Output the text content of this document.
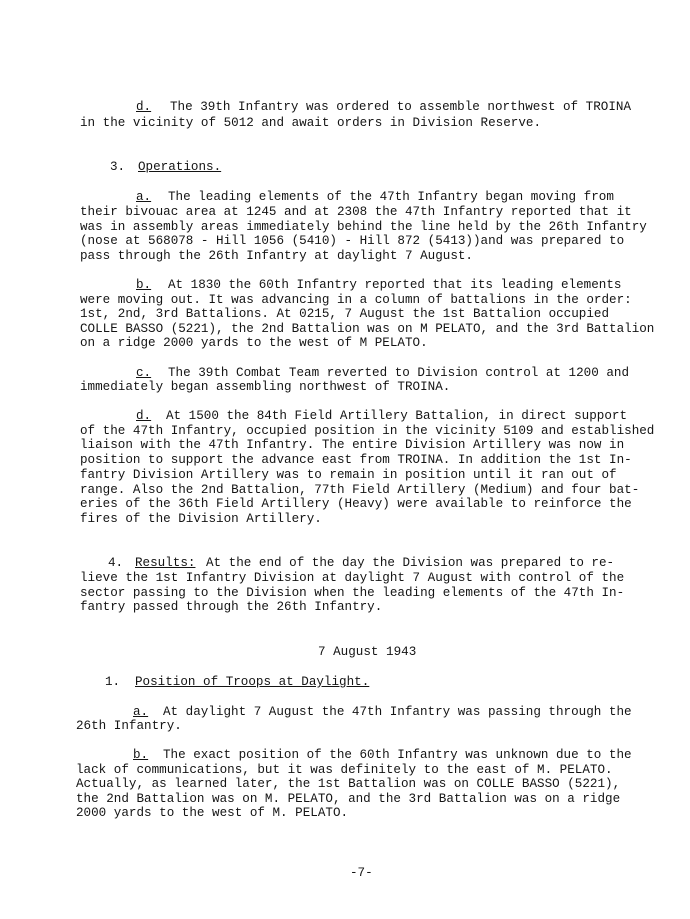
d. The 39th Infantry was ordered to assemble northwest of TROINA
in the vicinity of 5012 and await orders in Division Reserve.
3. Operations.
a. The leading elements of the 47th Infantry began moving from
their bivouac area at 1245 and at 2308 the 47th Infantry reported that it
was in assembly areas immediately behind the line held by the 26th Infantry
(nose at 568078 - Hill 1056 (5410) - Hill 872 (5413))and was prepared to
pass through the 26th Infantry at daylight 7 August.
b. At 1830 the 60th Infantry reported that its leading elements
were moving out. It was advancing in a column of battalions in the order:
1st, 2nd, 3rd Battalions. At 0215, 7 August the 1st Battalion occupied
COLLE BASSO (5221), the 2nd Battalion was on M PELATO, and the 3rd Battalion
on a ridge 2000 yards to the west of M PELATO.
c. The 39th Combat Team reverted to Division control at 1200 and
immediately began assembling northwest of TROINA.
d. At 1500 the 84th Field Artillery Battalion, in direct support
of the 47th Infantry, occupied position in the vicinity 5109 and established
liaison with the 47th Infantry. The entire Division Artillery was now in
position to support the advance east from TROINA. In addition the 1st In-
fantry Division Artillery was to remain in position until it ran out of
range. Also the 2nd Battalion, 77th Field Artillery (Medium) and four bat-
eries of the 36th Field Artillery (Heavy) were available to reinforce the
fires of the Division Artillery.
4. Results: At the end of the day the Division was prepared to re-
lieve the 1st Infantry Division at daylight 7 August with control of the
sector passing to the Division when the leading elements of the 47th In-
fantry passed through the 26th Infantry.
7 August 1943
1. Position of Troops at Daylight.
a. At daylight 7 August the 47th Infantry was passing through the
26th Infantry.
b. The exact position of the 60th Infantry was unknown due to the
lack of communications, but it was definitely to the east of M. PELATO.
Actually, as learned later, the 1st Battalion was on COLLE BASSO (5221),
the 2nd Battalion was on M. PELATO, and the 3rd Battalion was on a ridge
2000 yards to the west of M. PELATO.
-7-
